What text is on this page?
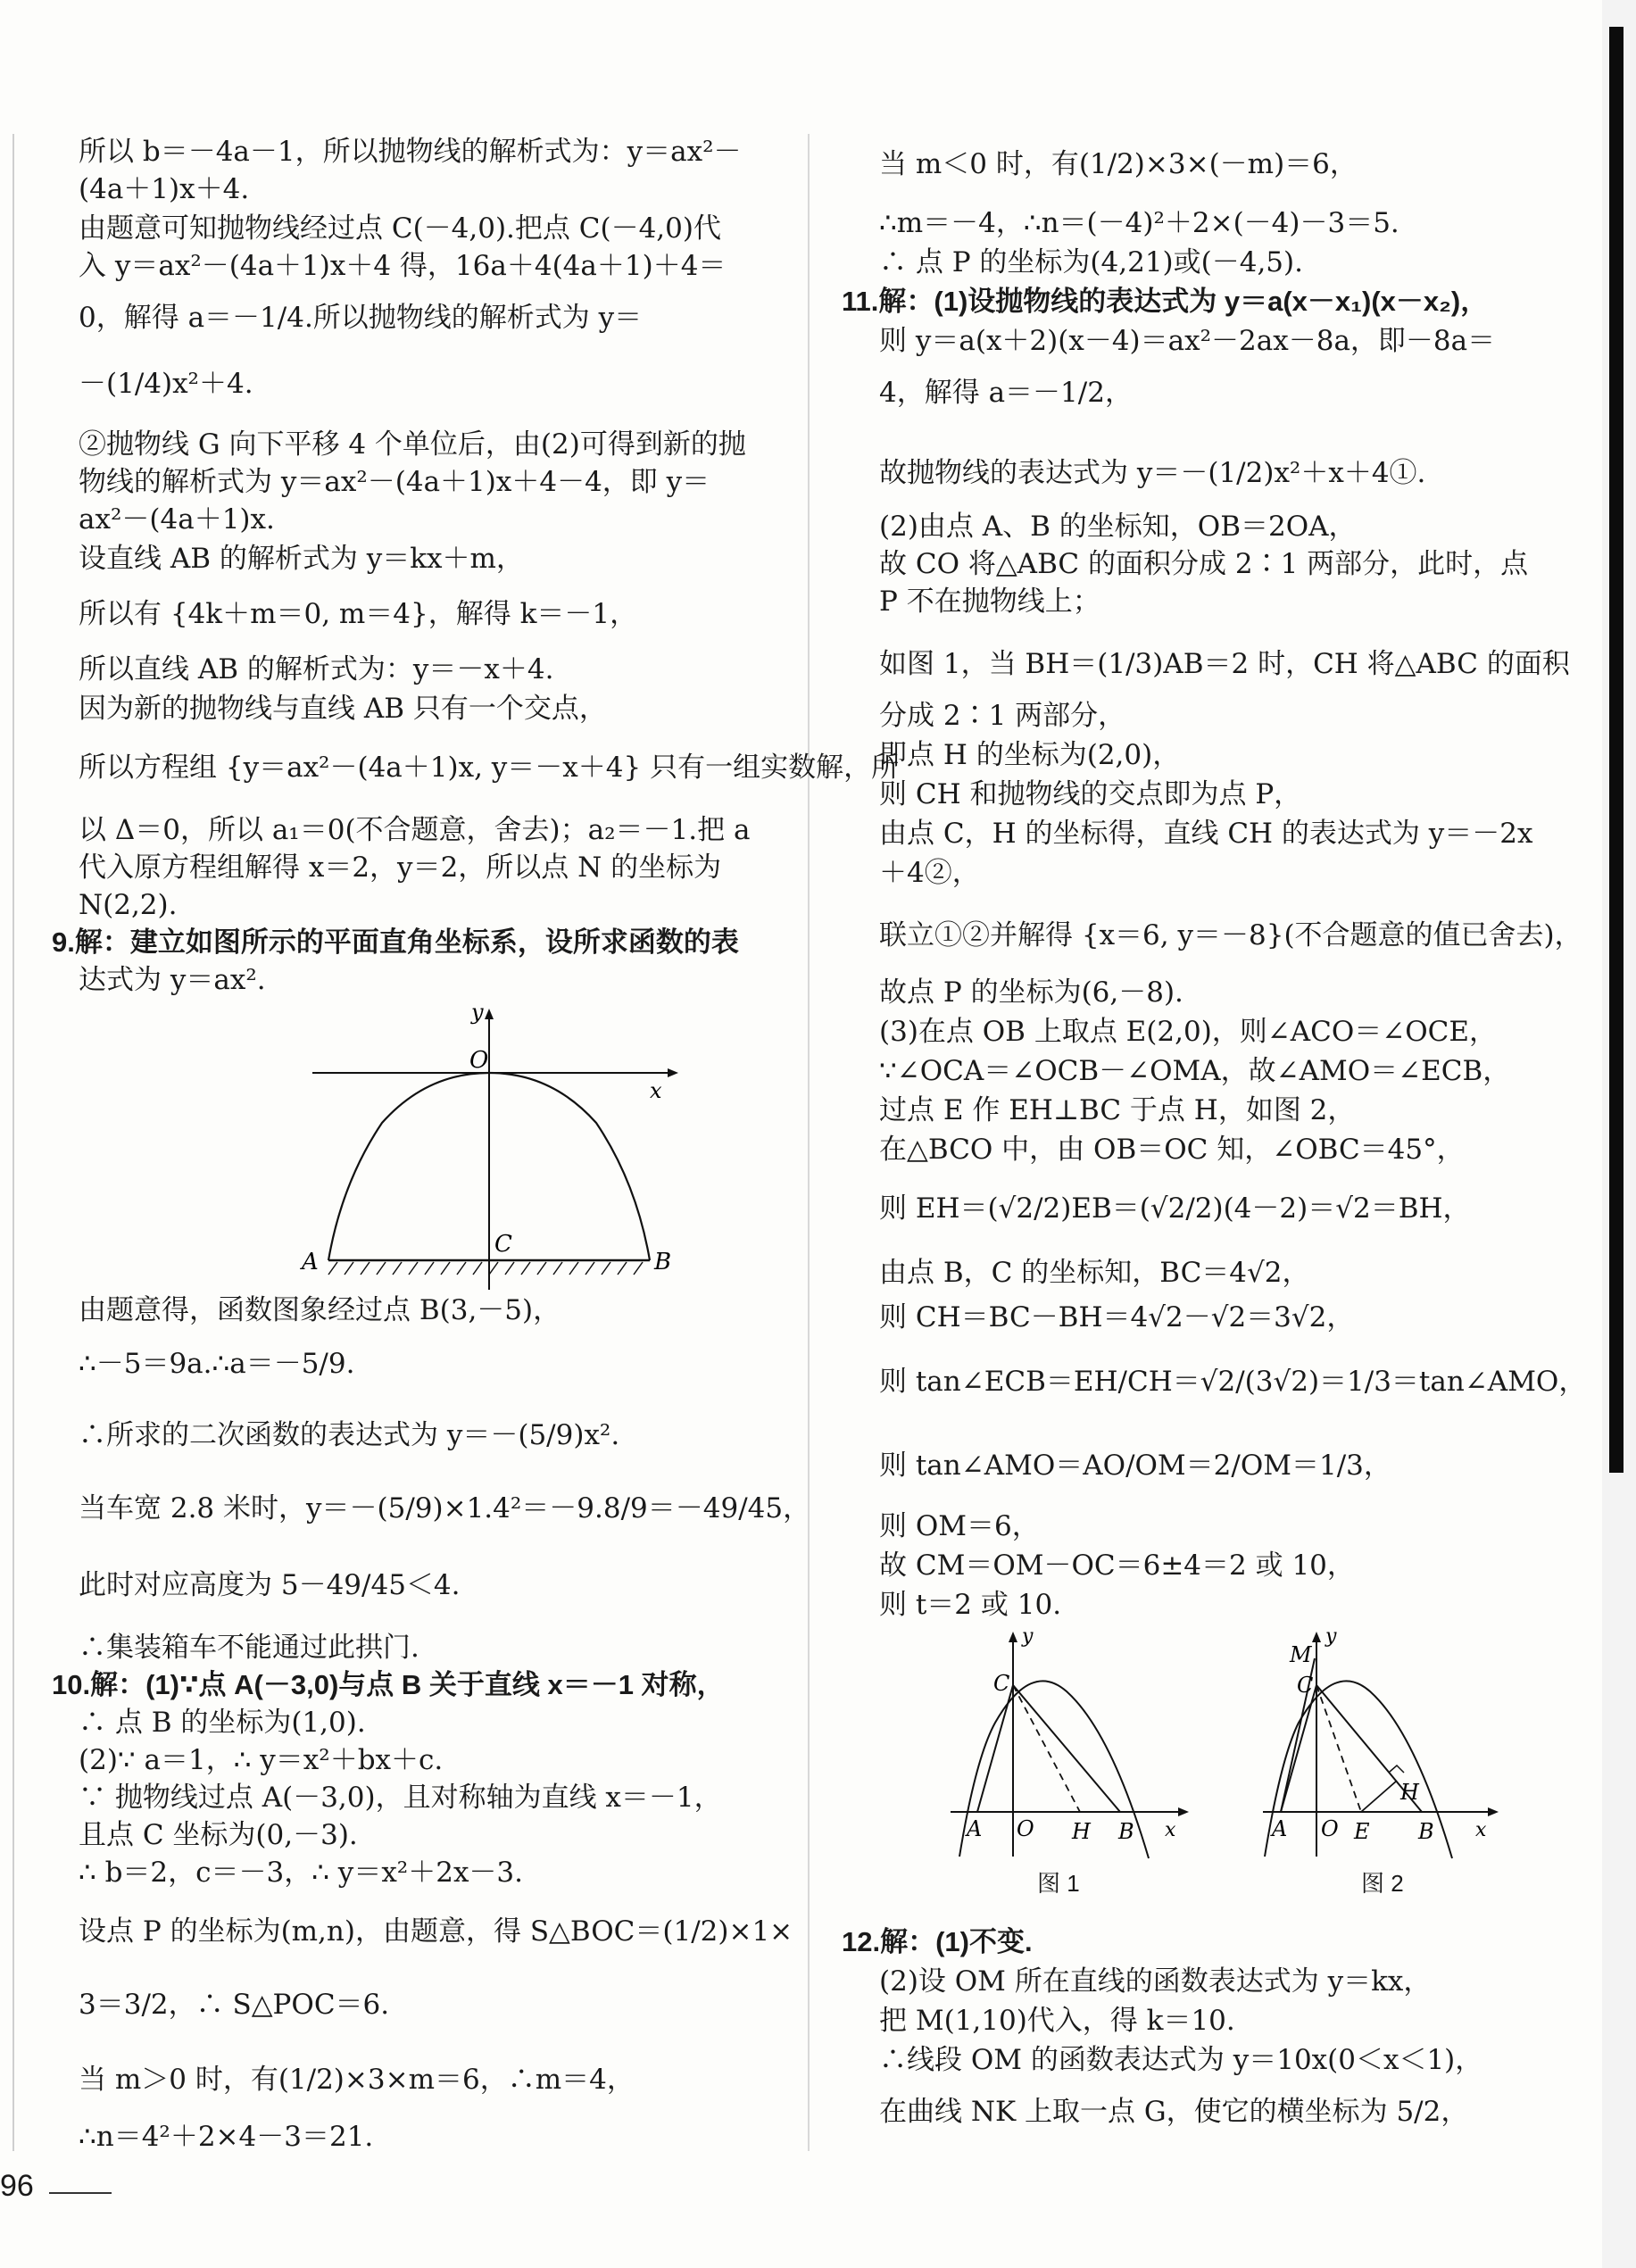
所以 b＝－4a－1，所以抛物线的解析式为：y＝ax²－
(4a＋1)x＋4.
由题意可知抛物线经过点 C(－4,0).把点 C(－4,0)代
入 y＝ax²－(4a＋1)x＋4 得，16a＋4(4a＋1)＋4＝
0，解得 a＝－1/4.所以抛物线的解析式为 y＝
－(1/4)x²＋4.
②抛物线 G 向下平移 4 个单位后，由(2)可得到新的抛
物线的解析式为 y＝ax²－(4a＋1)x＋4－4，即 y＝
ax²－(4a＋1)x.
设直线 AB 的解析式为 y＝kx＋m，
所以有 {4k＋m＝0, m＝4}，解得 k＝－1，
所以直线 AB 的解析式为：y＝－x＋4.
因为新的抛物线与直线 AB 只有一个交点，
所以方程组 {y＝ax²－(4a＋1)x, y＝－x＋4} 只有一组实数解，所
以 Δ＝0，所以 a₁＝0(不合题意，舍去)；a₂＝－1.把 a
代入原方程组解得 x＝2，y＝2，所以点 N 的坐标为
N(2,2).
9.解：建立如图所示的平面直角坐标系，设所求函数的表
达式为 y＝ax².
O
y
x
A	B
C
由题意得，函数图象经过点 B(3,－5)，
∴－5＝9a.∴a＝－5/9.
∴所求的二次函数的表达式为 y＝－(5/9)x².
当车宽 2.8 米时，y＝－(5/9)×1.4²＝－9.8/9＝－49/45，
此时对应高度为 5－49/45＜4.
∴集装箱车不能通过此拱门.
10.解：(1)∵点 A(－3,0)与点 B 关于直线 x＝－1 对称，
∴ 点 B 的坐标为(1,0).
(2)∵ a＝1，∴ y＝x²＋bx＋c.
∵ 抛物线过点 A(－3,0)，且对称轴为直线 x＝－1，
且点 C 坐标为(0,－3).
∴ b＝2，c＝－3，∴ y＝x²＋2x－3.
设点 P 的坐标为(m,n)，由题意，得 S△BOC＝(1/2)×1×
3＝3/2，∴ S△POC＝6.
当 m＞0 时，有(1/2)×3×m＝6，∴m＝4，
∴n＝4²＋2×4－3＝21.
当 m＜0 时，有(1/2)×3×(－m)＝6，
∴m＝－4，∴n＝(－4)²＋2×(－4)－3＝5.
∴ 点 P 的坐标为(4,21)或(－4,5).
11.解：(1)设抛物线的表达式为 y＝a(x－x₁)(x－x₂)，
则 y＝a(x＋2)(x－4)＝ax²－2ax－8a，即－8a＝
4，解得 a＝－1/2，
故抛物线的表达式为 y＝－(1/2)x²＋x＋4①.
(2)由点 A、B 的坐标知，OB＝2OA，
故 CO 将△ABC 的面积分成 2∶1 两部分，此时，点
P 不在抛物线上；
如图 1，当 BH＝(1/3)AB＝2 时，CH 将△ABC 的面积
分成 2∶1 两部分，
即点 H 的坐标为(2,0)，
则 CH 和抛物线的交点即为点 P，
由点 C，H 的坐标得，直线 CH 的表达式为 y＝－2x
＋4②，
联立①②并解得 {x＝6, y＝－8}(不合题意的值已舍去)，
故点 P 的坐标为(6,－8).
(3)在点 OB 上取点 E(2,0)，则∠ACO＝∠OCE，
∵∠OCA＝∠OCB－∠OMA，故∠AMO＝∠ECB，
过点 E 作 EH⊥BC 于点 H，如图 2，
在△BCO 中，由 OB＝OC 知，∠OBC＝45°，
则 EH＝(√2/2)EB＝(√2/2)(4－2)＝√2＝BH，
由点 B，C 的坐标知，BC＝4√2，
则 CH＝BC－BH＝4√2－√2＝3√2，
则 tan∠ECB＝EH/CH＝√2/(3√2)＝1/3＝tan∠AMO，
则 tan∠AMO＝AO/OM＝2/OM＝1/3，
则 OM＝6，
故 CM＝OM－OC＝6±4＝2 或 10，
则 t＝2 或 10.
C
y
x
A O H B
图 1
M
C
y
x
A O E
H
B
图 2
12.解：(1)不变.
(2)设 OM 所在直线的函数表达式为 y＝kx，
把 M(1,10)代入，得 k＝10.
∴线段 OM 的函数表达式为 y＝10x(0＜x＜1)，
在曲线 NK 上取一点 G，使它的横坐标为 5/2，
96
